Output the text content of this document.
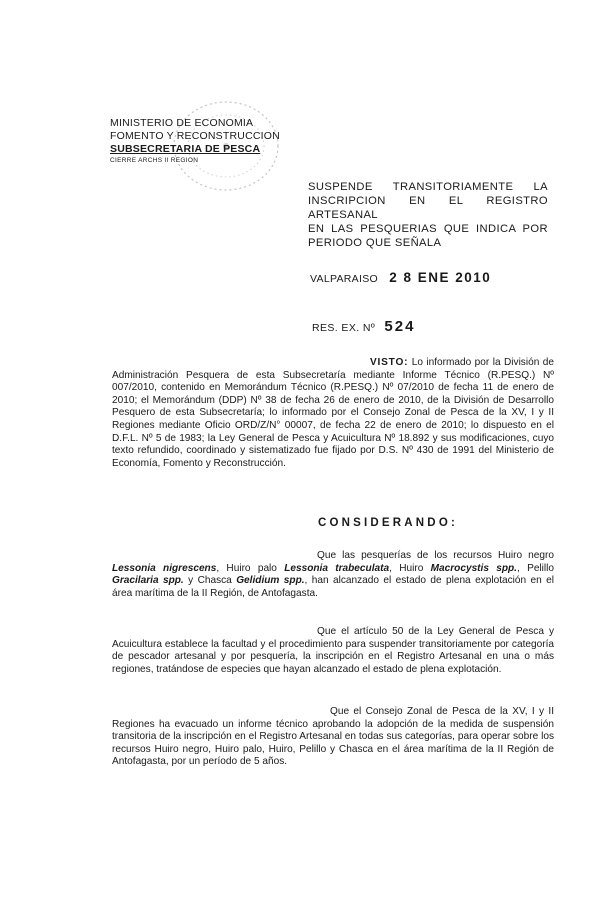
MINISTERIO DE ECONOMIA
FOMENTO Y RECONSTRUCCION
SUBSECRETARIA DE PESCA
CIERRE ARCHS II REGION
SUSPENDE TRANSITORIAMENTE LA
INSCRIPCION EN EL REGISTRO ARTESANAL
EN LAS PESQUERIAS QUE INDICA POR
PERIODO QUE SEÑALA
VALPARAISO 2 8 ENE 2010
RES. EX. Nº 524
VISTO: Lo informado por la División de Administración Pesquera de esta Subsecretaría mediante Informe Técnico (R.PESQ.) Nº 007/2010, contenido en Memorándum Técnico (R.PESQ.) Nº 07/2010 de fecha 11 de enero de 2010; el Memorándum (DDP) Nº 38 de fecha 26 de enero de 2010, de la División de Desarrollo Pesquero de esta Subsecretaría; lo informado por el Consejo Zonal de Pesca de la XV, I y II Regiones mediante Oficio ORD/Z/N° 00007, de fecha 22 de enero de 2010; lo dispuesto en el D.F.L. Nº 5 de 1983; la Ley General de Pesca y Acuicultura Nº 18.892 y sus modificaciones, cuyo texto refundido, coordinado y sistematizado fue fijado por D.S. Nº 430 de 1991 del Ministerio de Economía, Fomento y Reconstrucción.
CONSIDERANDO:
Que las pesquerías de los recursos Huiro negro Lessonia nigrescens, Huiro palo Lessonia trabeculata, Huiro Macrocystis spp., Pelillo Gracilaria spp. y Chasca Gelidium spp., han alcanzado el estado de plena explotación en el área marítima de la II Región, de Antofagasta.
Que el artículo 50 de la Ley General de Pesca y Acuicultura establece la facultad y el procedimiento para suspender transitoriamente por categoría de pescador artesanal y por pesquería, la inscripción en el Registro Artesanal en una o más regiones, tratándose de especies que hayan alcanzado el estado de plena explotación.
Que el Consejo Zonal de Pesca de la XV, I y II Regiones ha evacuado un informe técnico aprobando la adopción de la medida de suspensión transitoria de la inscripción en el Registro Artesanal en todas sus categorías, para operar sobre los recursos Huiro negro, Huiro palo, Huiro, Pelillo y Chasca en el área marítima de la II Región de Antofagasta, por un período de 5 años.
